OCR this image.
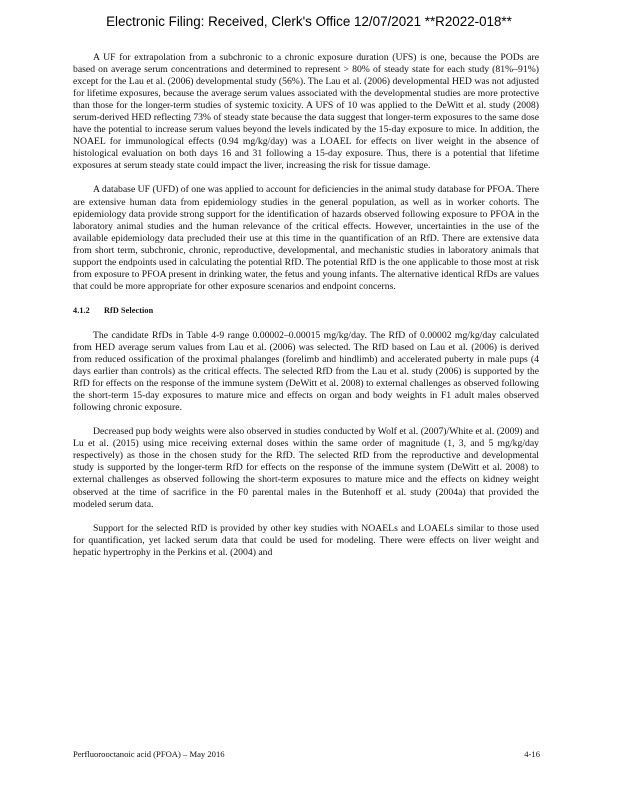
Electronic Filing: Received, Clerk's Office 12/07/2021 **R2022-018**

A UF for extrapolation from a subchronic to a chronic exposure duration (UFS) is one, because the PODs are based on average serum concentrations and determined to represent > 80% of steady state for each study (81%–91%) except for the Lau et al. (2006) developmental study (56%). The Lau et al. (2006) developmental HED was not adjusted for lifetime exposures, because the average serum values associated with the developmental studies are more protective than those for the longer-term studies of systemic toxicity. A UFS of 10 was applied to the DeWitt et al. study (2008) serum-derived HED reflecting 73% of steady state because the data suggest that longer-term exposures to the same dose have the potential to increase serum values beyond the levels indicated by the 15-day exposure to mice. In addition, the NOAEL for immunological effects (0.94 mg/kg/day) was a LOAEL for effects on liver weight in the absence of histological evaluation on both days 16 and 31 following a 15-day exposure. Thus, there is a potential that lifetime exposures at serum steady state could impact the liver, increasing the risk for tissue damage.

A database UF (UFD) of one was applied to account for deficiencies in the animal study database for PFOA. There are extensive human data from epidemiology studies in the general population, as well as in worker cohorts. The epidemiology data provide strong support for the identification of hazards observed following exposure to PFOA in the laboratory animal studies and the human relevance of the critical effects. However, uncertainties in the use of the available epidemiology data precluded their use at this time in the quantification of an RfD. There are extensive data from short term, subchronic, chronic, reproductive, developmental, and mechanistic studies in laboratory animals that support the endpoints used in calculating the potential RfD. The potential RfD is the one applicable to those most at risk from exposure to PFOA present in drinking water, the fetus and young infants. The alternative identical RfDs are values that could be more appropriate for other exposure scenarios and endpoint concerns.

4.1.2 RfD Selection

The candidate RfDs in Table 4-9 range 0.00002–0.00015 mg/kg/day. The RfD of 0.00002 mg/kg/day calculated from HED average serum values from Lau et al. (2006) was selected. The RfD based on Lau et al. (2006) is derived from reduced ossification of the proximal phalanges (forelimb and hindlimb) and accelerated puberty in male pups (4 days earlier than controls) as the critical effects. The selected RfD from the Lau et al. study (2006) is supported by the RfD for effects on the response of the immune system (DeWitt et al. 2008) to external challenges as observed following the short-term 15-day exposures to mature mice and effects on organ and body weights in F1 adult males observed following chronic exposure.

Decreased pup body weights were also observed in studies conducted by Wolf et al. (2007)/White et al. (2009) and Lu et al. (2015) using mice receiving external doses within the same order of magnitude (1, 3, and 5 mg/kg/day respectively) as those in the chosen study for the RfD. The selected RfD from the reproductive and developmental study is supported by the longer-term RfD for effects on the response of the immune system (DeWitt et al. 2008) to external challenges as observed following the short-term exposures to mature mice and the effects on kidney weight observed at the time of sacrifice in the F0 parental males in the Butenhoff et al. study (2004a) that provided the modeled serum data.

Support for the selected RfD is provided by other key studies with NOAELs and LOAELs similar to those used for quantification, yet lacked serum data that could be used for modeling. There were effects on liver weight and hepatic hypertrophy in the Perkins et al. (2004) and

Perfluorooctanoic acid (PFOA) – May 2016	4-16
